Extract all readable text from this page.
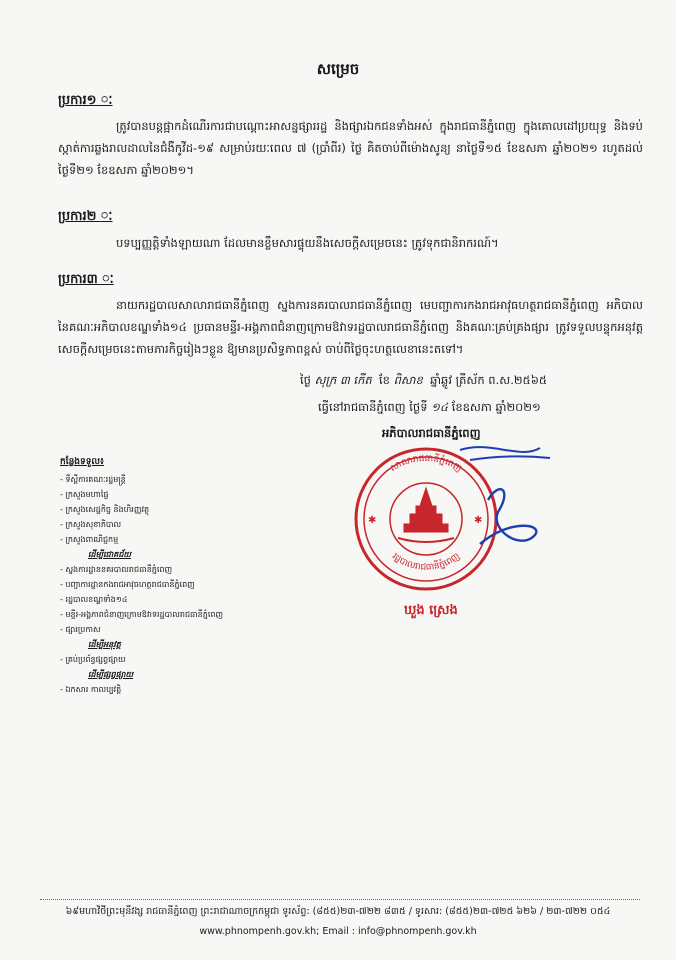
សម្រេច
ប្រការ១ ៈ
ត្រូវបានបន្តផ្អាកដំណើរការជាបណ្តោះអាសន្នផ្សាររដ្ឋ និងផ្សារឯកជនទាំងអស់ ក្នុងរាជធានីភ្នំពេញ ក្នុងគោលដៅប្រយុទ្ធ និងទប់ស្កាត់ការឆ្លងរាលដាលនៃជំងឺកូវីដ-១៩ សម្រាប់រយៈពេល ៧ (ប្រាំពីរ) ថ្ងៃ គិតចាប់ពីម៉ោងសូន្យ នាថ្ងៃទី១៥ ខែឧសភា ឆ្នាំ២០២១ រហូតដល់ថ្ងៃទី២១ ខែឧសភា ឆ្នាំ២០២១។
ប្រការ២ ៈ
បទប្បញ្ញត្តិទាំងឡាយណា ដែលមានខ្លឹមសារផ្ទុយនឹងសេចក្តីសម្រេចនេះ ត្រូវទុកជានិរាករណ៍។
ប្រការ៣ ៈ
នាយករដ្ឋបាលសាលារាជធានីភ្នំពេញ ស្នងការនគរបាលរាជធានីភ្នំពេញ មេបញ្ជាការកងរាជអាវុធហត្ថរាជធានីភ្នំពេញ អភិបាល នៃគណៈអភិបាលខណ្ឌទាំង១៤ ប្រធានមន្ទីរ-អង្គភាពជំនាញក្រោមឱវាទរដ្ឋបាលរាជធានីភ្នំពេញ និងគណៈគ្រប់គ្រងផ្សារ ត្រូវទទួលបន្ទុកអនុវត្តសេចក្តីសម្រេចនេះតាមភារកិច្ចរៀងៗខ្លួន ឱ្យមានប្រសិទ្ធភាពខ្ពស់ ចាប់ពីថ្ងៃចុះហត្ថលេខានេះតទៅ។
ថ្ងៃ សុក្រ ៣ កើត ខែ ពិសាខ ឆ្នាំឆ្លូវ ត្រីស័ក ព.ស.២៥៦៥
ធ្វើនៅរាជធានីភ្នំពេញ ថ្ងៃទី ១៤ ខែឧសភា ឆ្នាំ២០២១
អភិបាលរាជធានីភ្នំពេញ
សាលារាជធានីភ្នំពេញ
រដ្ឋបាលរាជធានីភ្នំពេញ
✱	✱
ឃួង ស្រេង
កន្លែងទទួល៖
- ទីស្តីការគណៈរដ្ឋមន្ត្រី
- ក្រសួងមហាផ្ទៃ
- ក្រសួងសេដ្ឋកិច្ច និងហិរញ្ញវត្ថុ
- ក្រសួងសុខាភិបាល
- ក្រសួងពាណិជ្ជកម្ម
ដើម្បីជោគជ័យ
- ស្នងការដ្ឋាននគរបាលរាជធានីភ្នំពេញ
- បញ្ជាការដ្ឋានកងរាជអាវុធហត្ថរាជធានីភ្នំពេញ
- រដ្ឋបាលខណ្ឌទាំង១៤
- មន្ទីរ-អង្គភាពជំនាញក្រោមឱវាទរដ្ឋបាលរាជធានីភ្នំពេញ
- ផ្សារប្រកាស
ដើម្បីអនុវត្ត
- គ្រប់ប្រព័ន្ធផ្សព្វផ្សាយ
ដើម្បីផ្សព្វផ្សាយ
- ឯកសារ កាលប្បវត្តិ
៦៩មហាវិថីព្រះមុនីវង្ស រាជធានីភ្នំពេញ ព្រះរាជាណាចក្រកម្ពុជា ទូរស័ព្ទ: (៨៥៥)២៣-៧២២ ៨៣៥ / ទូរសារ: (៨៥៥)២៣-៧២៥ ៦២៦ / ២៣-៧២២ ០៥៤
www.phnompenh.gov.kh; Email : info@phnompenh.gov.kh
